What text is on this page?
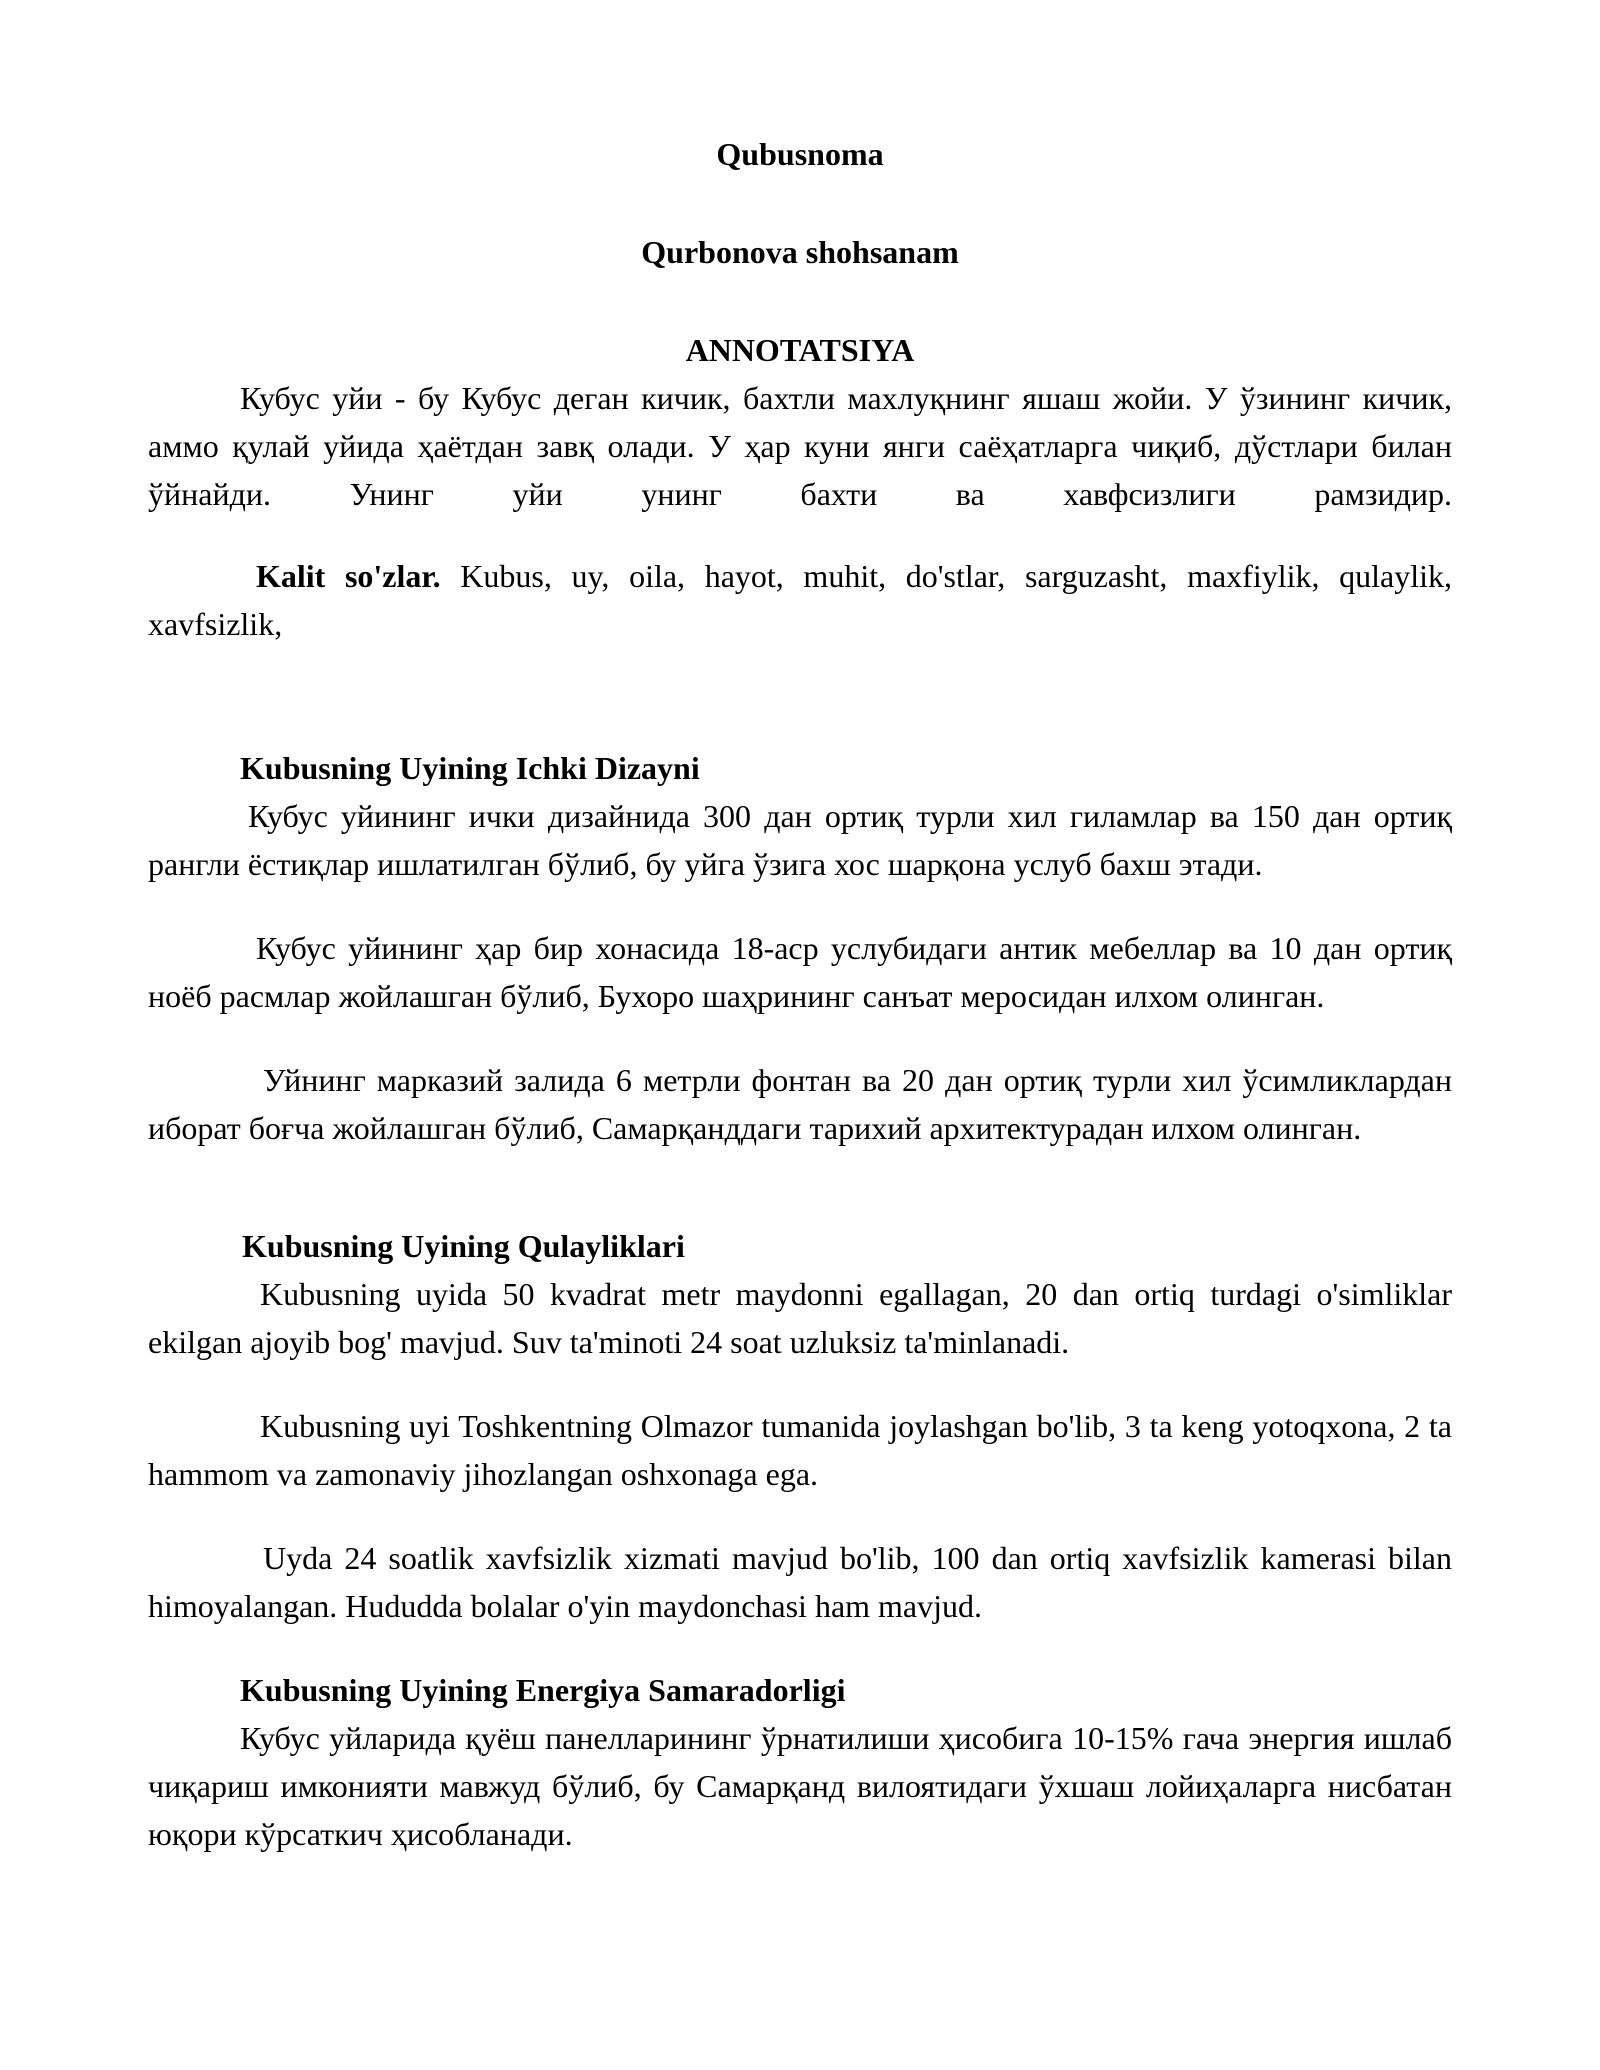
Qubusnoma

Qurbonova shohsanam

ANNOTATSIYA

Кубус уйи - бу Кубус деган кичик, бахтли махлуқнинг яшаш жойи. У ўзининг кичик, аммо қулай уйида ҳаётдан завқ олади. У ҳар куни янги саёҳатларга чиқиб, дўстлари билан ўйнайди. Унинг уйи унинг бахти ва хавфсизлиги рамзидир.

Kalit so'zlar. Kubus, uy, oila, hayot, muhit, do'stlar, sarguzasht, maxfiylik, qulaylik, xavfsizlik,

Kubusning Uyining Ichki Dizayni

Кубус уйининг ички дизайнида 300 дан ортиқ турли хил гиламлар ва 150 дан ортиқ рангли ёстиқлар ишлатилган бўлиб, бу уйга ўзига хос шарқона услуб бахш этади.

Кубус уйининг ҳар бир хонасида 18-аср услубидаги антик мебеллар ва 10 дан ортиқ ноёб расмлар жойлашган бўлиб, Бухоро шаҳрининг санъат меросидан илхом олинган.

Уйнинг марказий залида 6 метрли фонтан ва 20 дан ортиқ турли хил ўсимликлардан иборат боғча жойлашган бўлиб, Самарқанддаги тарихий архитектурадан илхом олинган.

Kubusning Uyining Qulayliklari

Kubusning uyida 50 kvadrat metr maydonni egallagan, 20 dan ortiq turdagi o'simliklar ekilgan ajoyib bog' mavjud. Suv ta'minoti 24 soat uzluksiz ta'minlanadi.

Kubusning uyi Toshkentning Olmazor tumanida joylashgan bo'lib, 3 ta keng yotoqxona, 2 ta hammom va zamonaviy jihozlangan oshxonaga ega.

Uyda 24 soatlik xavfsizlik xizmati mavjud bo'lib, 100 dan ortiq xavfsizlik kamerasi bilan himoyalangan. Hududda bolalar o'yin maydonchasi ham mavjud.

Kubusning Uyining Energiya Samaradorligi

Кубус уйларида қуёш панелларининг ўрнатилиши ҳисобига 10-15% гача энергия ишлаб чиқариш имконияти мавжуд бўлиб, бу Самарқанд вилоятидаги ўхшаш лойиҳаларга нисбатан юқори кўрсаткич ҳисобланади.
